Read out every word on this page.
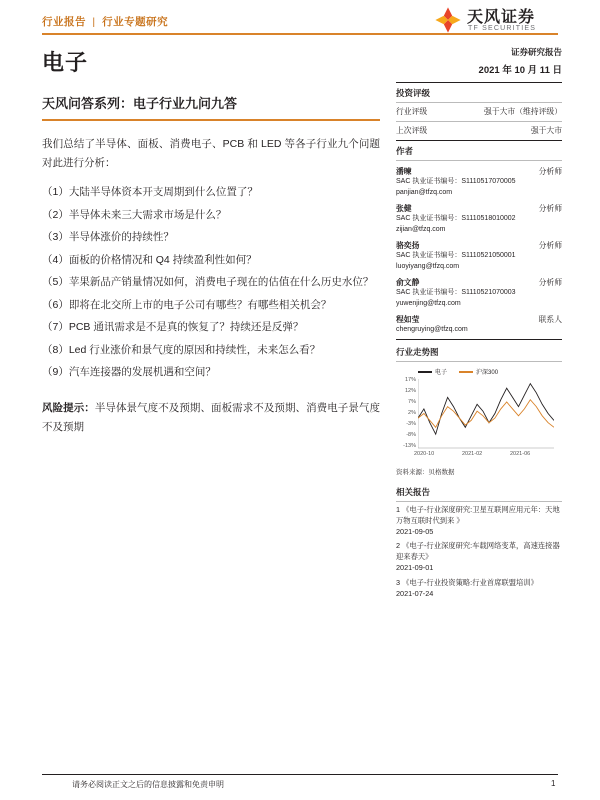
行业报告 | 行业专题研究	天风证券
TF SECURITIES
电子
天风问答系列：电子行业九问九答

我们总结了半导体、面板、消费电子、PCB 和 LED 等各子行业九个问题对此进行分析：

（1）大陆半导体资本开支周期到什么位置了？
（2）半导体未来三大需求市场是什么？
（3）半导体涨价的持续性？
（4）面板的价格情况和 Q4 持续盈利性如何？
（5）苹果新品产销量情况如何，消费电子现在的估值在什么历史水位？
（6）即将在北交所上市的电子公司有哪些？有哪些相关机会？
（7）PCB 通讯需求是不是真的恢复了？持续还是反弹？
（8）Led 行业涨价和景气度的原因和持续性，未来怎么看？
（9）汽车连接器的发展机遇和空间？
风险提示：半导体景气度不及预期、面板需求不及预期、消费电子景气度不及预期
证券研究报告
2021 年 10 月 11 日
投资评级
行业评级	强于大市（维持评级）
上次评级	强于大市
作者
潘暕	分析师
SAC 执业证书编号：S1110517070005
panjian@tfzq.com
张健	分析师
SAC 执业证书编号：S1110518010002
zijian@tfzq.com
骆奕扬	分析师
SAC 执业证书编号：S1110521050001
luoyiyang@tfzq.com
俞文静	分析师
SAC 执业证书编号：S1110521070003
yuwenjing@tfzq.com
程如莹	联系人
chengruying@tfzq.com
行业走势图
电子	沪深300
17%
12%
7%
2%
-3%
-8%
-13%
2020-10	2021-02	2021-06
资料来源：贝格数据
相关报告
1 《电子-行业深度研究:卫星互联网应用元年：天地万物互联时代到来 》
2021-09-05
2 《电子-行业深度研究:车载网络变革，高速连接器迎来春天》
2021-09-01
3 《电子-行业投资策略:行业首席联盟培训》
2021-07-24
请务必阅读正文之后的信息披露和免责申明	1
